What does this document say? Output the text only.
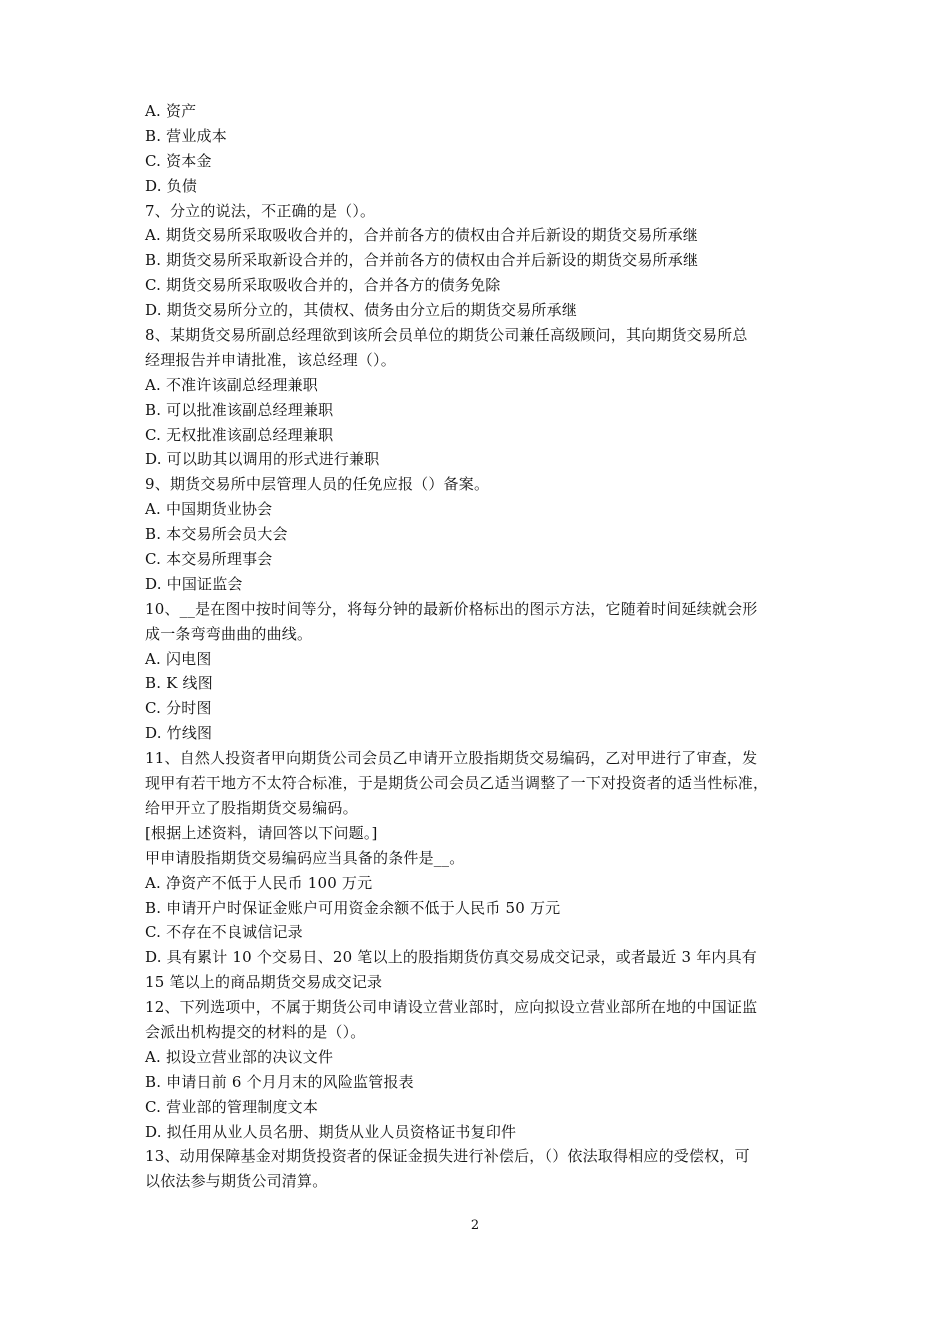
A. 资产
B. 营业成本
C. 资本金
D. 负债
7、分立的说法，不正确的是（）。
A. 期货交易所采取吸收合并的，合并前各方的债权由合并后新设的期货交易所承继
B. 期货交易所采取新设合并的，合并前各方的债权由合并后新设的期货交易所承继
C. 期货交易所采取吸收合并的，合并各方的债务免除
D. 期货交易所分立的，其债权、债务由分立后的期货交易所承继
8、某期货交易所副总经理欲到该所会员单位的期货公司兼任高级顾问，其向期货交易所总
经理报告并申请批准，该总经理（）。
A. 不准许该副总经理兼职
B. 可以批准该副总经理兼职
C. 无权批准该副总经理兼职
D. 可以助其以调用的形式进行兼职
9、期货交易所中层管理人员的任免应报（）备案。
A. 中国期货业协会
B. 本交易所会员大会
C. 本交易所理事会
D. 中国证监会
10、__是在图中按时间等分，将每分钟的最新价格标出的图示方法，它随着时间延续就会形
成一条弯弯曲曲的曲线。
A. 闪电图
B. K 线图
C. 分时图
D. 竹线图
11、自然人投资者甲向期货公司会员乙申请开立股指期货交易编码，乙对甲进行了审查，发
现甲有若干地方不太符合标准，于是期货公司会员乙适当调整了一下对投资者的适当性标准，
给甲开立了股指期货交易编码。
[根据上述资料，请回答以下问题。]
甲申请股指期货交易编码应当具备的条件是__。
A. 净资产不低于人民币 100 万元
B. 申请开户时保证金账户可用资金余额不低于人民币 50 万元
C. 不存在不良诚信记录
D. 具有累计 10 个交易日、20 笔以上的股指期货仿真交易成交记录，或者最近 3 年内具有
15 笔以上的商品期货交易成交记录
12、下列选项中，不属于期货公司申请设立营业部时，应向拟设立营业部所在地的中国证监
会派出机构提交的材料的是（）。
A. 拟设立营业部的决议文件
B. 申请日前 6 个月月末的风险监管报表
C. 营业部的管理制度文本
D. 拟任用从业人员名册、期货从业人员资格证书复印件
13、动用保障基金对期货投资者的保证金损失进行补偿后，（）依法取得相应的受偿权，可
以依法参与期货公司清算。
2
